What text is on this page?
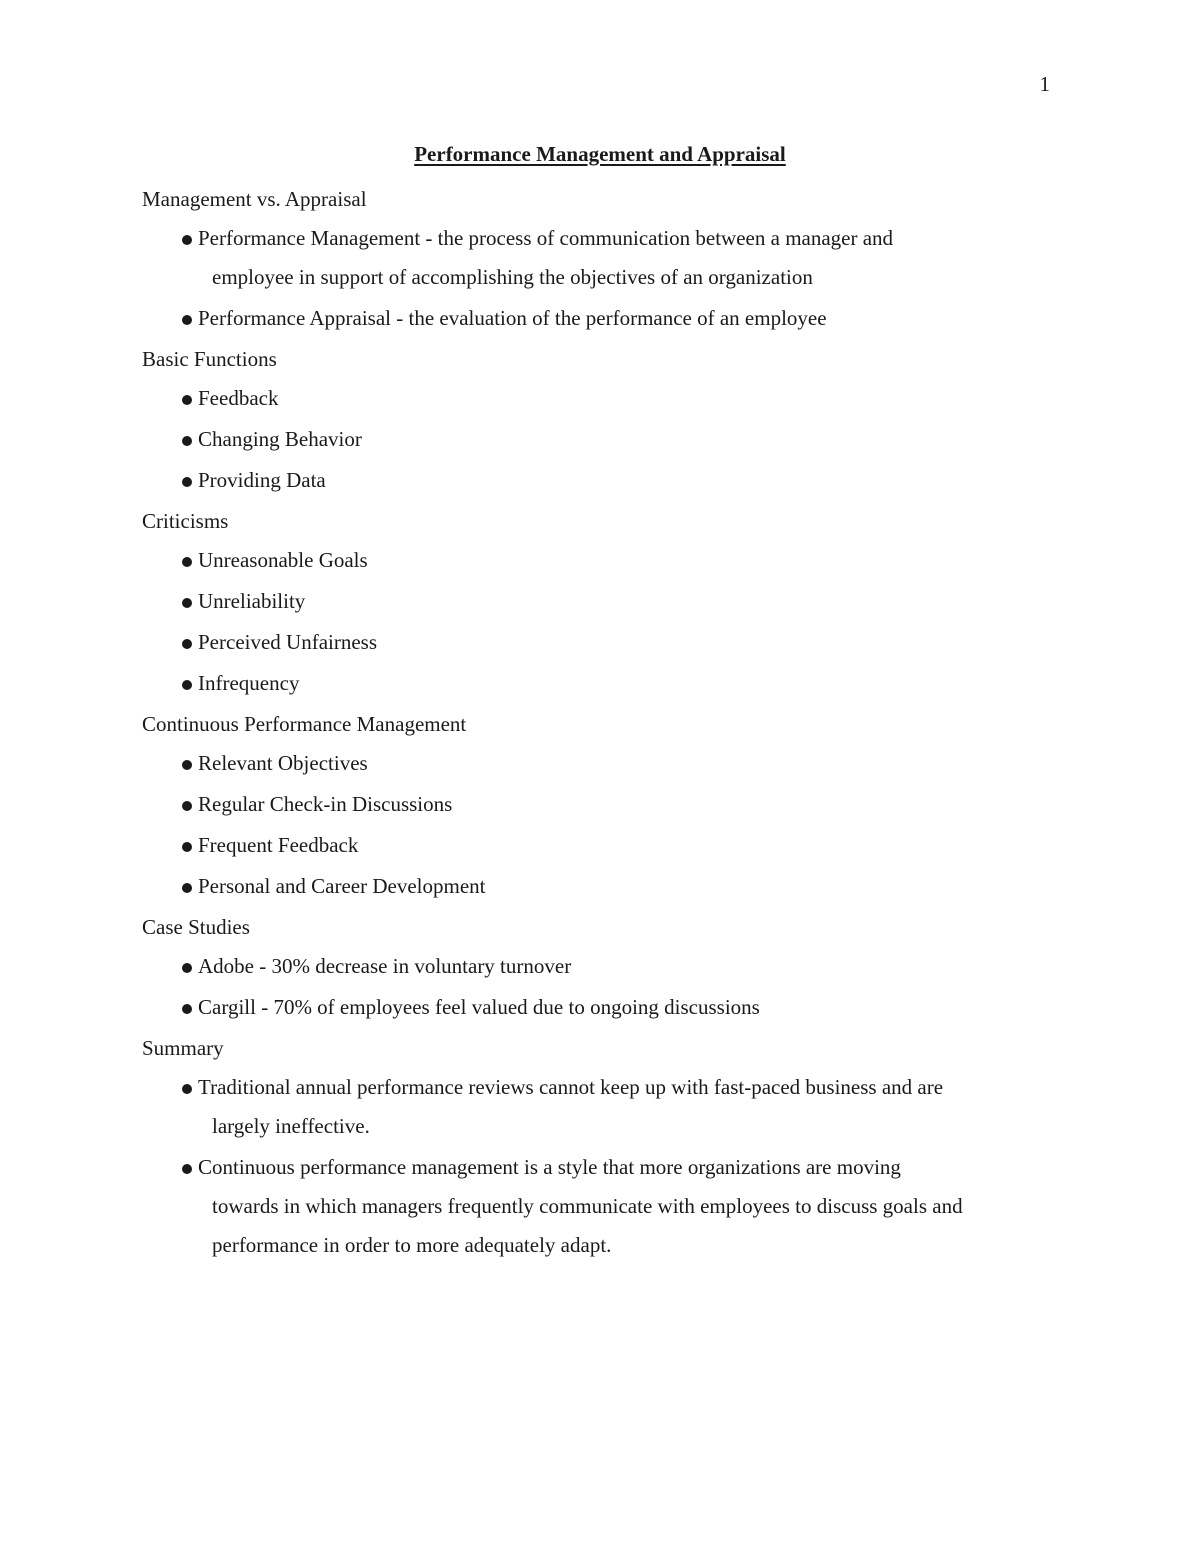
1
Performance Management and Appraisal
Management vs. Appraisal
Performance Management - the process of communication between a manager and
employee in support of accomplishing the objectives of an organization
Performance Appraisal - the evaluation of the performance of an employee
Basic Functions
Feedback
Changing Behavior
Providing Data
Criticisms
Unreasonable Goals
Unreliability
Perceived Unfairness
Infrequency
Continuous Performance Management
Relevant Objectives
Regular Check-in Discussions
Frequent Feedback
Personal and Career Development
Case Studies
Adobe - 30% decrease in voluntary turnover
Cargill - 70% of employees feel valued due to ongoing discussions
Summary
Traditional annual performance reviews cannot keep up with fast-paced business and are
largely ineffective.
Continuous performance management is a style that more organizations are moving
towards in which managers frequently communicate with employees to discuss goals and
performance in order to more adequately adapt.
